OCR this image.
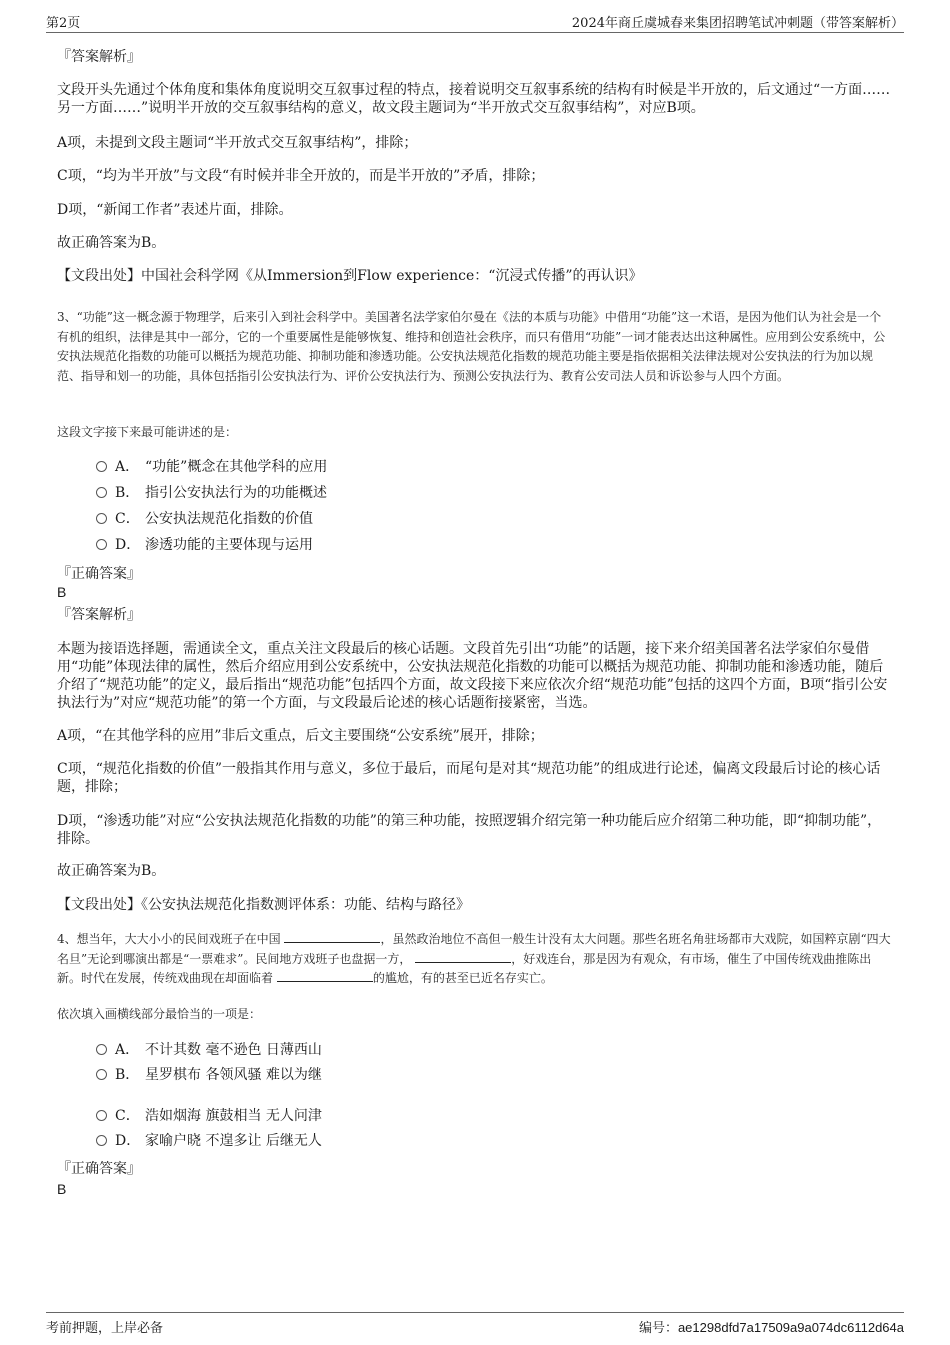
第2页	2024年商丘虞城春来集团招聘笔试冲刺题（带答案解析）

『答案解析』

文段开头先通过个体角度和集体角度说明交互叙事过程的特点，接着说明交互叙事系统的结构有时候是半开放的，后文通过“一方面……另一方面……”说明半开放的交互叙事结构的意义，故文段主题词为“半开放式交互叙事结构”，对应B项。

A项，未提到文段主题词“半开放式交互叙事结构”，排除；

C项，“均为半开放”与文段“有时候并非全开放的，而是半开放的”矛盾，排除；

D项，“新闻工作者”表述片面，排除。

故正确答案为B。

【文段出处】中国社会科学网《从Immersion到Flow experience：“沉浸式传播”的再认识》

3、“功能”这一概念源于物理学，后来引入到社会科学中。美国著名法学家伯尔曼在《法的本质与功能》中借用“功能”这一术语，是因为他们认为社会是一个有机的组织，法律是其中一部分，它的一个重要属性是能够恢复、维持和创造社会秩序，而只有借用“功能”一词才能表达出这种属性。应用到公安系统中，公安执法规范化指数的功能可以概括为规范功能、抑制功能和渗透功能。公安执法规范化指数的规范功能主要是指依据相关法律法规对公安执法的行为加以规范、指导和划一的功能，具体包括指引公安执法行为、评价公安执法行为、预测公安执法行为、教育公安司法人员和诉讼参与人四个方面。

这段文字接下来最可能讲述的是：

A． “功能”概念在其他学科的应用
B． 指引公安执法行为的功能概述
C． 公安执法规范化指数的价值
D． 渗透功能的主要体现与运用

『正确答案』

B

『答案解析』

本题为接语选择题，需通读全文，重点关注文段最后的核心话题。文段首先引出“功能”的话题，接下来介绍美国著名法学家伯尔曼借用“功能”体现法律的属性，然后介绍应用到公安系统中，公安执法规范化指数的功能可以概括为规范功能、抑制功能和渗透功能，随后介绍了“规范功能”的定义，最后指出“规范功能”包括四个方面，故文段接下来应依次介绍“规范功能”包括的这四个方面，B项“指引公安执法行为”对应“规范功能”的第一个方面，与文段最后论述的核心话题衔接紧密，当选。

A项，“在其他学科的应用”非后文重点，后文主要围绕“公安系统”展开，排除；

C项，“规范化指数的价值”一般指其作用与意义，多位于最后，而尾句是对其“规范功能”的组成进行论述，偏离文段最后讨论的核心话题，排除；

D项，“渗透功能”对应“公安执法规范化指数的功能”的第三种功能，按照逻辑介绍完第一种功能后应介绍第二种功能，即“抑制功能”，排除。

故正确答案为B。

【文段出处】《公安执法规范化指数测评体系：功能、结构与路径》

4、想当年，大大小小的民间戏班子在中国	，虽然政治地位不高但一般生计没有太大问题。那些名班名角驻场都市大戏院，如国粹京剧“四大名旦”无论到哪演出都是“一票难求”。民间地方戏班子也盘据一方，	，好戏连台，那是因为有观众，有市场，催生了中国传统戏曲推陈出新。时代在发展，传统戏曲现在却面临着	的尴尬，有的甚至已近名存实亡。

依次填入画横线部分最恰当的一项是：

A． 不计其数 毫不逊色 日薄西山
B． 星罗棋布 各领风骚 难以为继
C． 浩如烟海 旗鼓相当 无人问津
D． 家喻户晓 不遑多让 后继无人

『正确答案』

B

考前押题，上岸必备	编号：ae1298dfd7a17509a9a074dc6112d64a
